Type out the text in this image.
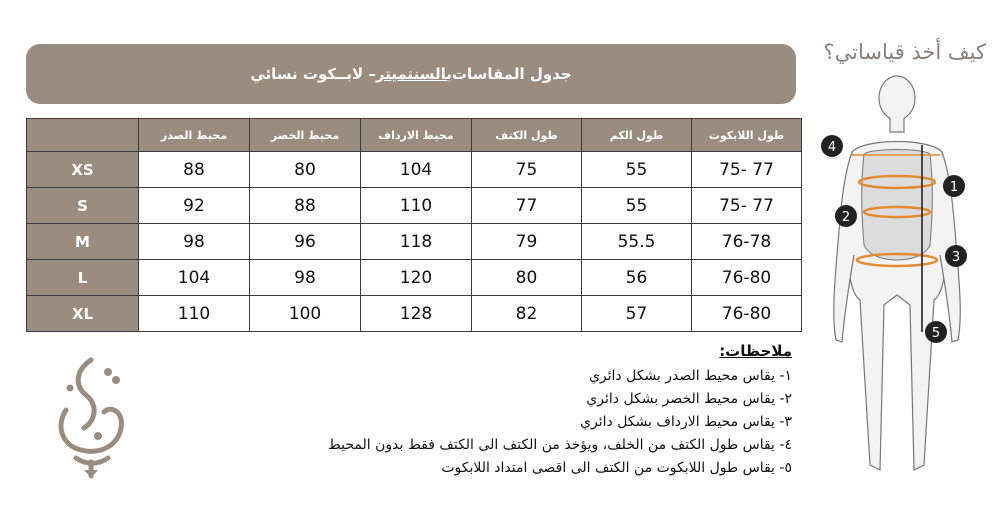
جدول المقاسات
بالسنتميتر
– لابــكوت نسائي
	محيط الصدر	محيط الخصر	محيط الارداف	طول الكتف	طول الكم	طول اللابكوت
XS	88	80	104	75	55	75- 77
S	92	88	110	77	55	75- 77
M	98	96	118	79	55.5	76-78
L	104	98	120	80	56	76-80
XL	110	100	128	82	57	76-80
كيف أخذ قياساتي؟
ملاحظات:
١- يقاس محيط الصدر بشكل دائري
٢- يقاس محيط الخصر بشكل دائري
٣- يقاس محيط الارداف بشكل دائري
٤- يقاس طول الكتف من الخلف، ويؤخذ من الكتف الى الكتف فقط بدون المحيط
٥- يقاس طول اللابكوت من الكتف الى اقصى امتداد اللابكوت
4
1
2
3
5
